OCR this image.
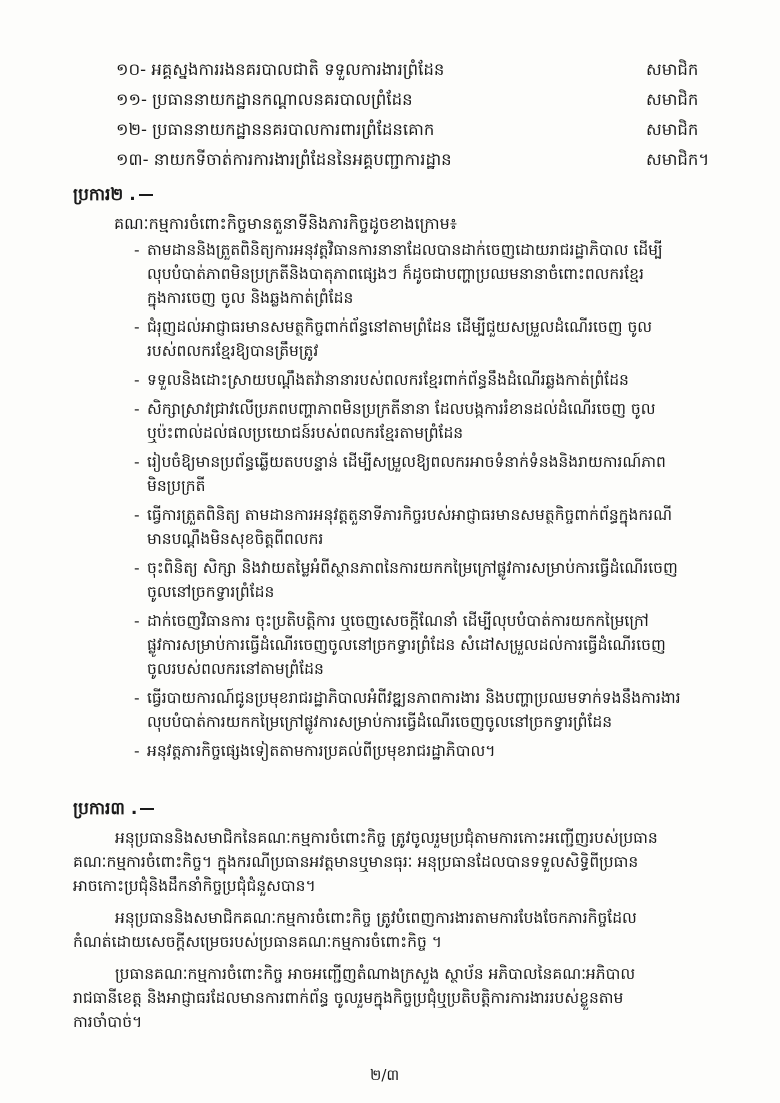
១០- អគ្គស្នងការរងនគរបាលជាតិ ទទួលការងារព្រំដែន	សមាជិក
១១- ប្រធាននាយកដ្ឋានកណ្តាលនគរបាលព្រំដែន	សមាជិក
១២- ប្រធាននាយកដ្ឋាននគរបាលការពារព្រំដែនគោក	សមាជិក
១៣- នាយកទីចាត់ការការងារព្រំដែននៃអគ្គបញ្ជាការដ្ឋាន	សមាជិក។
ប្រការ២ .
គណៈកម្មការចំពោះកិច្ចមានតួនាទីនិងភារកិច្ចដូចខាងក្រោម៖
- តាមដាននិងត្រួតពិនិត្យការអនុវត្តវិធានការនានាដែលបានដាក់ចេញដោយរាជរដ្ឋាភិបាល ដើម្បី
លុបបំបាត់ភាពមិនប្រក្រតីនិងបាតុភាពផ្សេងៗ ក៏ដូចជាបញ្ហាប្រឈមនានាចំពោះពលករខ្មែរ
ក្នុងការចេញ ចូល និងឆ្លងកាត់ព្រំដែន
- ជំរុញដល់អាជ្ញាធរមានសមត្ថកិច្ចពាក់ព័ន្ធនៅតាមព្រំដែន ដើម្បីជួយសម្រួលដំណើរចេញ ចូល
របស់ពលករខ្មែរឱ្យបានត្រឹមត្រូវ
- ទទួលនិងដោះស្រាយបណ្តឹងតវ៉ានានារបស់ពលករខ្មែរពាក់ព័ន្ធនឹងដំណើរឆ្លងកាត់ព្រំដែន
- សិក្សាស្រាវជ្រាវលើប្រភពបញ្ហាភាពមិនប្រក្រតីនានា ដែលបង្កការរំខានដល់ដំណើរចេញ ចូល
ឬប៉ះពាល់ដល់ផលប្រយោជន៍របស់ពលករខ្មែរតាមព្រំដែន
- រៀបចំឱ្យមានប្រព័ន្ធឆ្លើយតបបន្ទាន់ ដើម្បីសម្រួលឱ្យពលករអាចទំនាក់ទំនងនិងរាយការណ៍ភាព
មិនប្រក្រតី
- ធ្វើការត្រួតពិនិត្យ តាមដានការអនុវត្តតួនាទីភារកិច្ចរបស់អាជ្ញាធរមានសមត្ថកិច្ចពាក់ព័ន្ធក្នុងករណី
មានបណ្តឹងមិនសុខចិត្តពីពលករ
- ចុះពិនិត្យ សិក្សា និងវាយតម្លៃអំពីស្ថានភាពនៃការយកកម្រៃក្រៅផ្លូវការសម្រាប់ការធ្វើដំណើរចេញ
ចូលនៅច្រកទ្វារព្រំដែន
- ដាក់ចេញវិធានការ ចុះប្រតិបត្តិការ ឬចេញសេចក្តីណែនាំ ដើម្បីលុបបំបាត់ការយកកម្រៃក្រៅ
ផ្លូវការសម្រាប់ការធ្វើដំណើរចេញចូលនៅច្រកទ្វារព្រំដែន សំដៅសម្រួលដល់ការធ្វើដំណើរចេញ
ចូលរបស់ពលករនៅតាមព្រំដែន
- ធ្វើរបាយការណ៍ជូនប្រមុខរាជរដ្ឋាភិបាលអំពីវឌ្ឍនភាពការងារ និងបញ្ហាប្រឈមទាក់ទងនឹងការងារ
លុបបំបាត់ការយកកម្រៃក្រៅផ្លូវការសម្រាប់ការធ្វើដំណើរចេញចូលនៅច្រកទ្វារព្រំដែន
- អនុវត្តភារកិច្ចផ្សេងទៀតតាមការប្រគល់ពីប្រមុខរាជរដ្ឋាភិបាល។
ប្រការ៣ .
អនុប្រធាននិងសមាជិកនៃគណៈកម្មការចំពោះកិច្ច ត្រូវចូលរួមប្រជុំតាមការកោះអញ្ជើញរបស់ប្រធាន
គណៈកម្មការចំពោះកិច្ច។ ក្នុងករណីប្រធានអវត្តមានឬមានធុរៈ អនុប្រធានដែលបានទទួលសិទ្ធិពីប្រធាន
អាចកោះប្រជុំនិងដឹកនាំកិច្ចប្រជុំជំនួសបាន។
អនុប្រធាននិងសមាជិកគណៈកម្មការចំពោះកិច្ច ត្រូវបំពេញការងារតាមការបែងចែកភារកិច្ចដែល
កំណត់ដោយសេចក្តីសម្រេចរបស់ប្រធានគណៈកម្មការចំពោះកិច្ច ។
ប្រធានគណៈកម្មការចំពោះកិច្ច អាចអញ្ជើញតំណាងក្រសួង ស្ថាប័ន អភិបាលនៃគណៈអភិបាល
រាជធានីខេត្ត និងអាជ្ញាធរដែលមានការពាក់ព័ន្ធ ចូលរួមក្នុងកិច្ចប្រជុំឬប្រតិបត្តិការការងាររបស់ខ្លួនតាម
ការចាំបាច់។
២/៣
